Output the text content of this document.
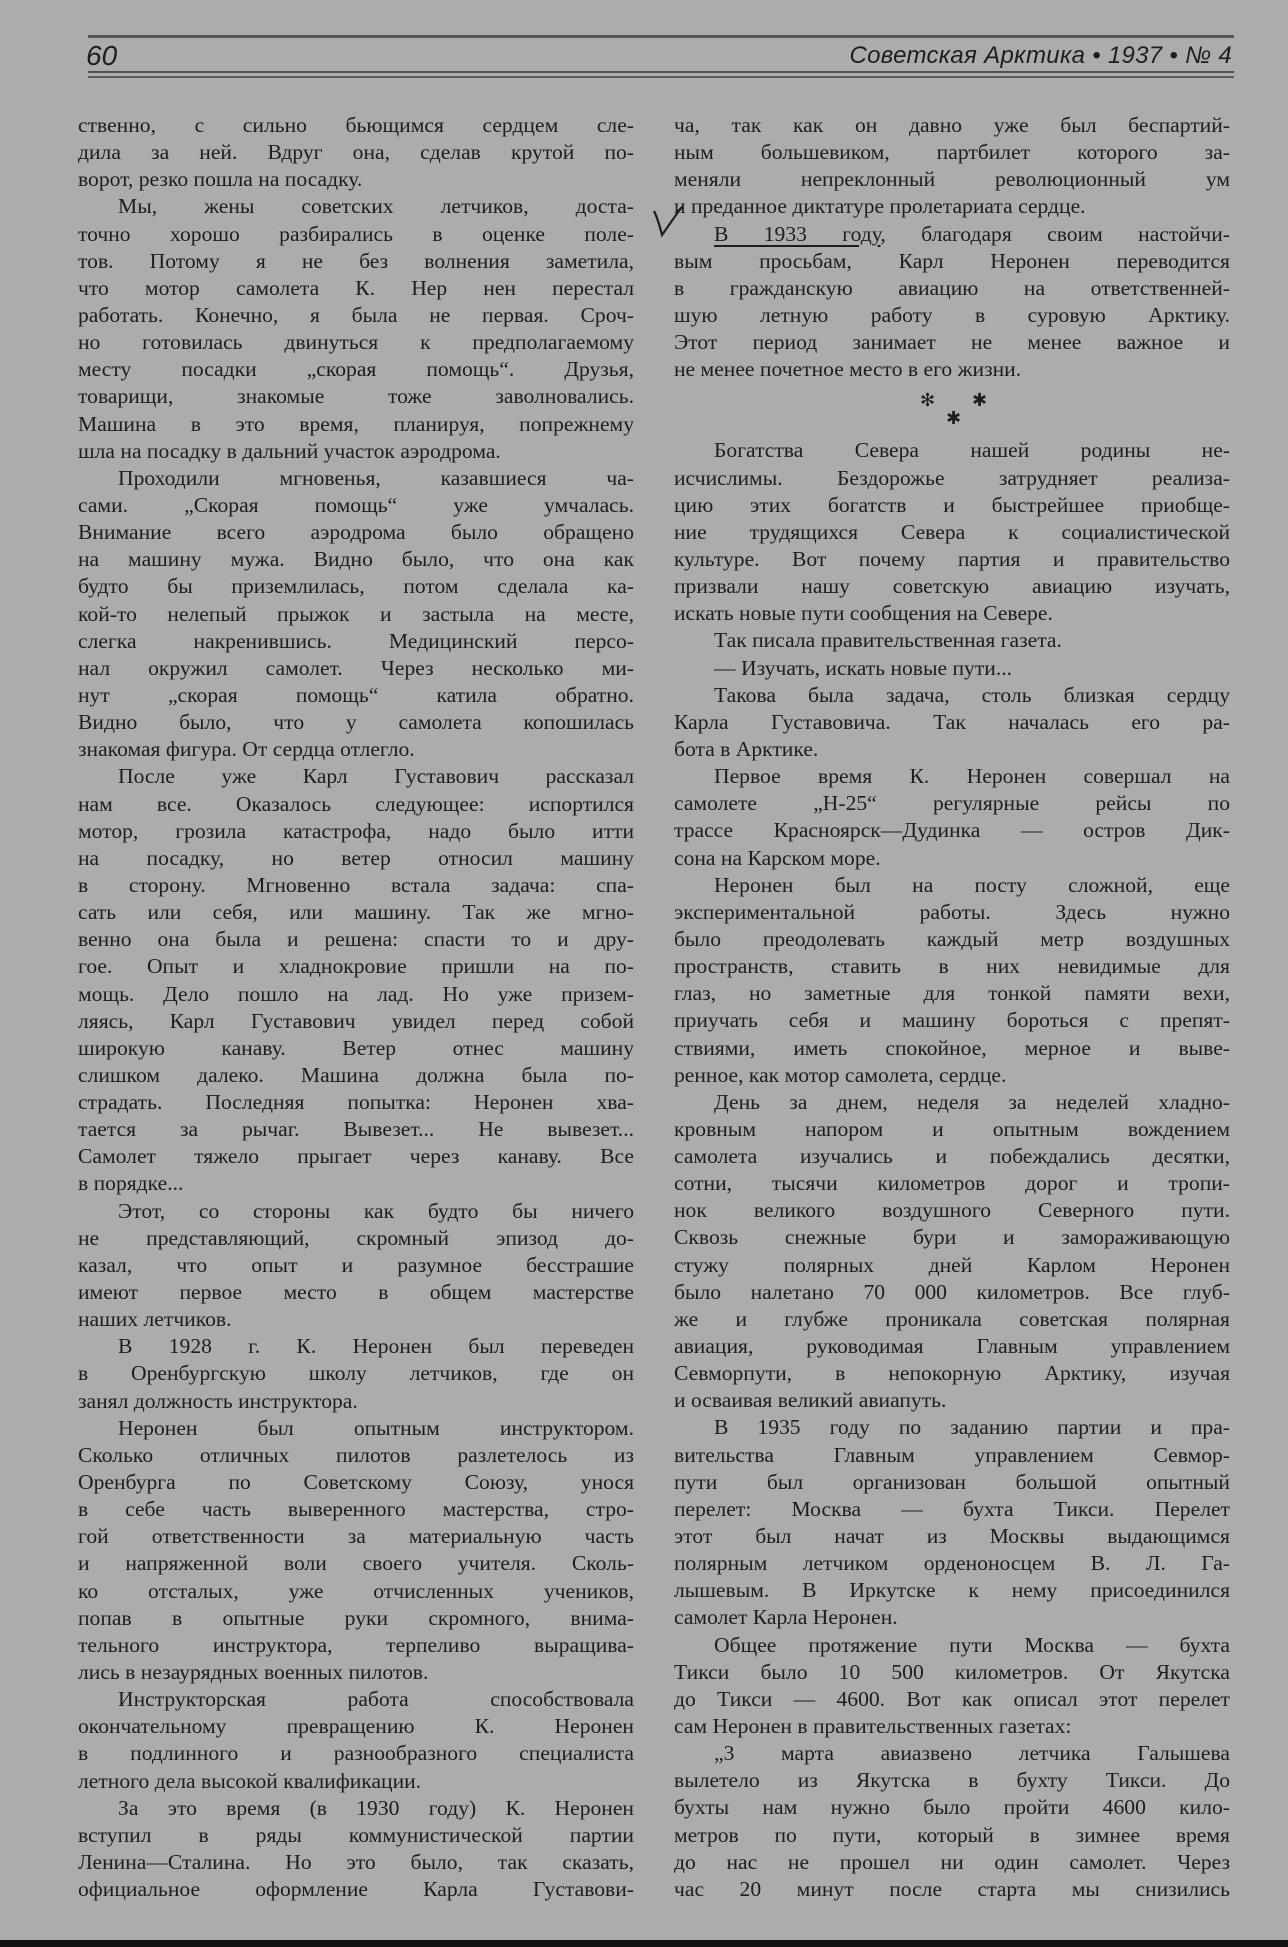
60	Советская Арктика • 1937 • № 4
ственно, с сильно бьющимся сердцем сле-
дила за ней. Вдруг она, сделав крутой по-
ворот, резко пошла на посадку.
Мы, жены советских летчиков, доста-
точно хорошо разбирались в оценке поле-
тов. Потому я не без волнения заметила,
что мотор самолета К. Нер нен перестал
работать. Конечно, я была не первая. Сроч-
но готовилась двинуться к предполагаемому
месту посадки „скорая помощь“. Друзья,
товарищи, знакомые тоже заволновались.
Машина в это время, планируя, попрежнему
шла на посадку в дальний участок аэродрома.
Проходили мгновенья, казавшиеся ча-
сами. „Скорая помощь“ уже умчалась.
Внимание всего аэродрома было обращено
на машину мужа. Видно было, что она как
будто бы приземлилась, потом сделала ка-
кой-то нелепый прыжок и застыла на месте,
слегка накренившись. Медицинский персо-
нал окружил самолет. Через несколько ми-
нут „скорая помощь“ катила обратно.
Видно было, что у самолета копошилась
знакомая фигура. От сердца отлегло.
После уже Карл Густавович рассказал
нам все. Оказалось следующее: испортился
мотор, грозила катастрофа, надо было итти
на посадку, но ветер относил машину
в сторону. Мгновенно встала задача: спа-
сать или себя, или машину. Так же мгно-
венно она была и решена: спасти то и дру-
гое. Опыт и хладнокровие пришли на по-
мощь. Дело пошло на лад. Но уже призем-
ляясь, Карл Густавович увидел перед собой
широкую канаву. Ветер отнес машину
слишком далеко. Машина должна была по-
страдать. Последняя попытка: Неронен хва-
тается за рычаг. Вывезет... Не вывезет...
Самолет тяжело прыгает через канаву. Все
в порядке...
Этот, со стороны как будто бы ничего
не представляющий, скромный эпизод до-
казал, что опыт и разумное бесстрашие
имеют первое место в общем мастерстве
наших летчиков.
В 1928 г. К. Неронен был переведен
в Оренбургскую школу летчиков, где он
занял должность инструктора.
Неронен был опытным инструктором.
Сколько отличных пилотов разлетелось из
Оренбурга по Советскому Союзу, унося
в себе часть выверенного мастерства, стро-
гой ответственности за материальную часть
и напряженной воли своего учителя. Сколь-
ко отсталых, уже отчисленных учеников,
попав в опытные руки скромного, внима-
тельного инструктора, терпеливо выращива-
лись в незаурядных военных пилотов.
Инструкторская работа способствовала
окончательному превращению К. Неронен
в подлинного и разнообразного специалиста
летного дела высокой квалификации.
За это время (в 1930 году) К. Неронен
вступил в ряды коммунистической партии
Ленина—Сталина. Но это было, так сказать,
официальное оформление Карла Густавови-
ча, так как он давно уже был беспартий-
ным большевиком, партбилет которого за-
меняли непреклонный революционный ум
и преданное диктатуре пролетариата сердце.
В 1933 году, благодаря своим настойчи-
вым просьбам, Карл Неронен переводится
в гражданскую авиацию на ответственней-
шую летную работу в суровую Арктику.
Этот период занимает не менее важное и
не менее почетное место в его жизни.
✻ ✱
✱
Богатства Севера нашей родины не-
исчислимы. Бездорожье затрудняет реализа-
цию этих богатств и быстрейшее приобще-
ние трудящихся Севера к социалистической
культуре. Вот почему партия и правительство
призвали нашу советскую авиацию изучать,
искать новые пути сообщения на Севере.
Так писала правительственная газета.
— Изучать, искать новые пути...
Такова была задача, столь близкая сердцу
Карла Густавовича. Так началась его ра-
бота в Арктике.
Первое время К. Неронен совершал на
самолете „Н-25“ регулярные рейсы по
трассе Красноярск—Дудинка — остров Дик-
сона на Карском море.
Неронен был на посту сложной, еще
экспериментальной работы. Здесь нужно
было преодолевать каждый метр воздушных
пространств, ставить в них невидимые для
глаз, но заметные для тонкой памяти вехи,
приучать себя и машину бороться с препят-
ствиями, иметь спокойное, мерное и выве-
ренное, как мотор самолета, сердце.
День за днем, неделя за неделей хладно-
кровным напором и опытным вождением
самолета изучались и побеждались десятки,
сотни, тысячи километров дорог и тропи-
нок великого воздушного Северного пути.
Сквозь снежные бури и замораживающую
стужу полярных дней Карлом Неронен
было налетано 70 000 километров. Все глуб-
же и глубже проникала советская полярная
авиация, руководимая Главным управлением
Севморпути, в непокорную Арктику, изучая
и осваивая великий авиапуть.
В 1935 году по заданию партии и пра-
вительства Главным управлением Севмор-
пути был организован большой опытный
перелет: Москва — бухта Тикси. Перелет
этот был начат из Москвы выдающимся
полярным летчиком орденоносцем В. Л. Га-
лышевым. В Иркутске к нему присоединился
самолет Карла Неронен.
Общее протяжение пути Москва — бухта
Тикси было 10 500 километров. От Якутска
до Тикси — 4600. Вот как описал этот перелет
сам Неронен в правительственных газетах:
„3 марта авиазвено летчика Галышева
вылетело из Якутска в бухту Тикси. До
бухты нам нужно было пройти 4600 кило-
метров по пути, который в зимнее время
до нас не прошел ни один самолет. Через
час 20 минут после старта мы снизились
